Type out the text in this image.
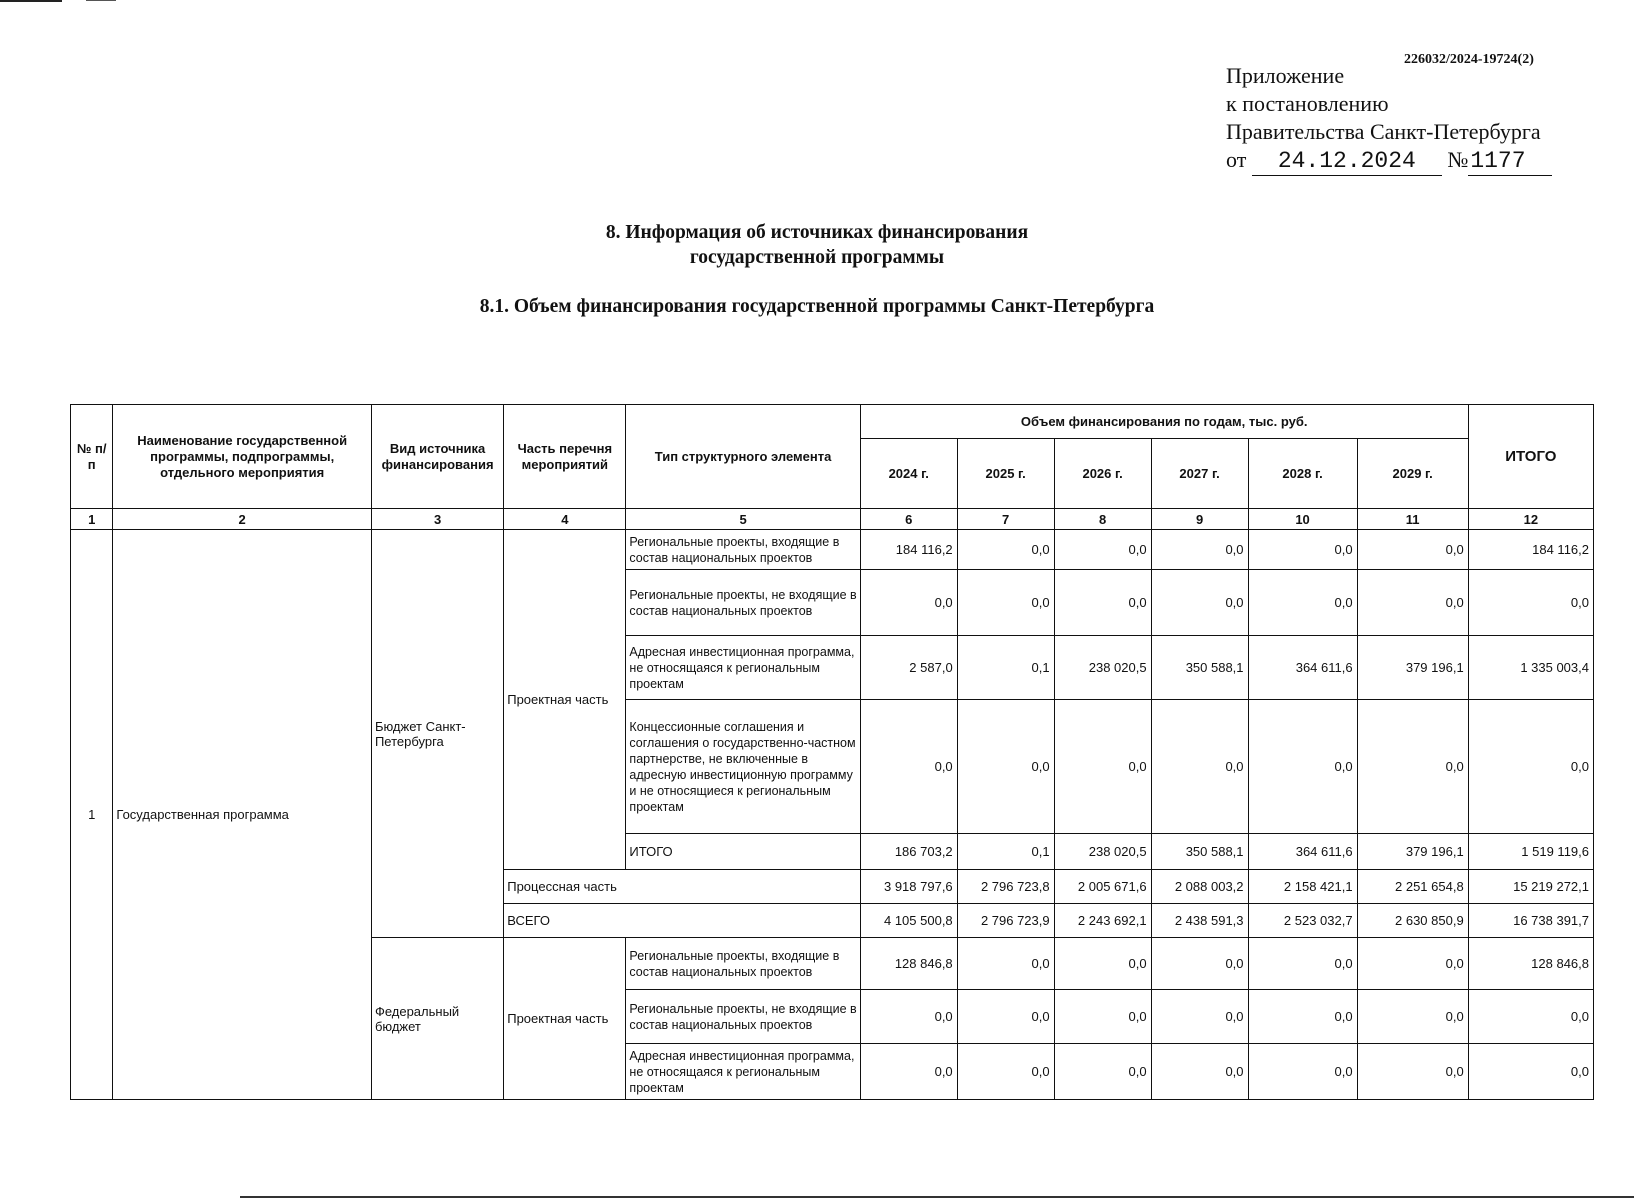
226032/2024-19724(2)
Приложение
к постановлению
Правительства Санкт-Петербурга
от 24.12.2024 №1177
8. Информация об источниках финансирования
государственной программы
8.1. Объем финансирования государственной программы Санкт-Петербурга
№ п/п	Наименование государственной программы, подпрограммы, отдельного мероприятия	Вид источника финансирования	Часть перечня мероприятий	Тип структурного элемента	Объем финансирования по годам, тыс. руб.						ИТОГО
					2024 г.	2025 г.	2026 г.	2027 г.	2028 г.	2029 г.	
1	2	3	4	5	6	7	8	9	10	11	12
1	Государственная программа	Бюджет Санкт-Петербурга	Проектная часть	Региональные проекты, входящие в состав национальных проектов	184 116,2	0,0	0,0	0,0	0,0	0,0	184 116,2
				Региональные проекты, не входящие в состав национальных проектов	0,0	0,0	0,0	0,0	0,0	0,0	0,0
				Адресная инвестиционная программа, не относящаяся к региональным проектам	2 587,0	0,1	238 020,5	350 588,1	364 611,6	379 196,1	1 335 003,4
				Концессионные соглашения и соглашения о государственно-частном партнерстве, не включенные в адресную инвестиционную программу и не относящиеся к региональным проектам	0,0	0,0	0,0	0,0	0,0	0,0	0,0
				ИТОГО	186 703,2	0,1	238 020,5	350 588,1	364 611,6	379 196,1	1 519 119,6
			Процессная часть		3 918 797,6	2 796 723,8	2 005 671,6	2 088 003,2	2 158 421,1	2 251 654,8	15 219 272,1
			ВСЕГО		4 105 500,8	2 796 723,9	2 243 692,1	2 438 591,3	2 523 032,7	2 630 850,9	16 738 391,7
		Федеральный бюджет	Проектная часть	Региональные проекты, входящие в состав национальных проектов	128 846,8	0,0	0,0	0,0	0,0	0,0	128 846,8
				Региональные проекты, не входящие в состав национальных проектов	0,0	0,0	0,0	0,0	0,0	0,0	0,0
				Адресная инвестиционная программа, не относящаяся к региональным проектам	0,0	0,0	0,0	0,0	0,0	0,0	0,0
